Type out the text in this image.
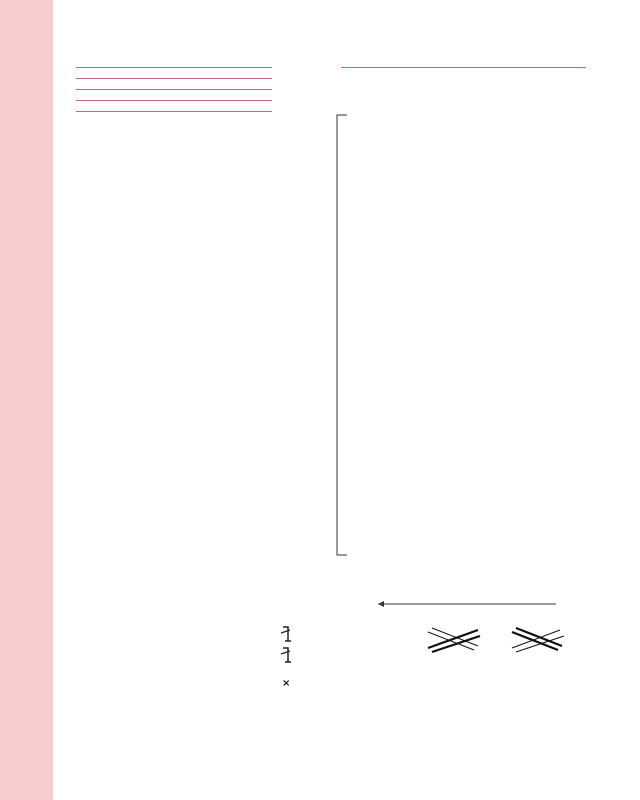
×
